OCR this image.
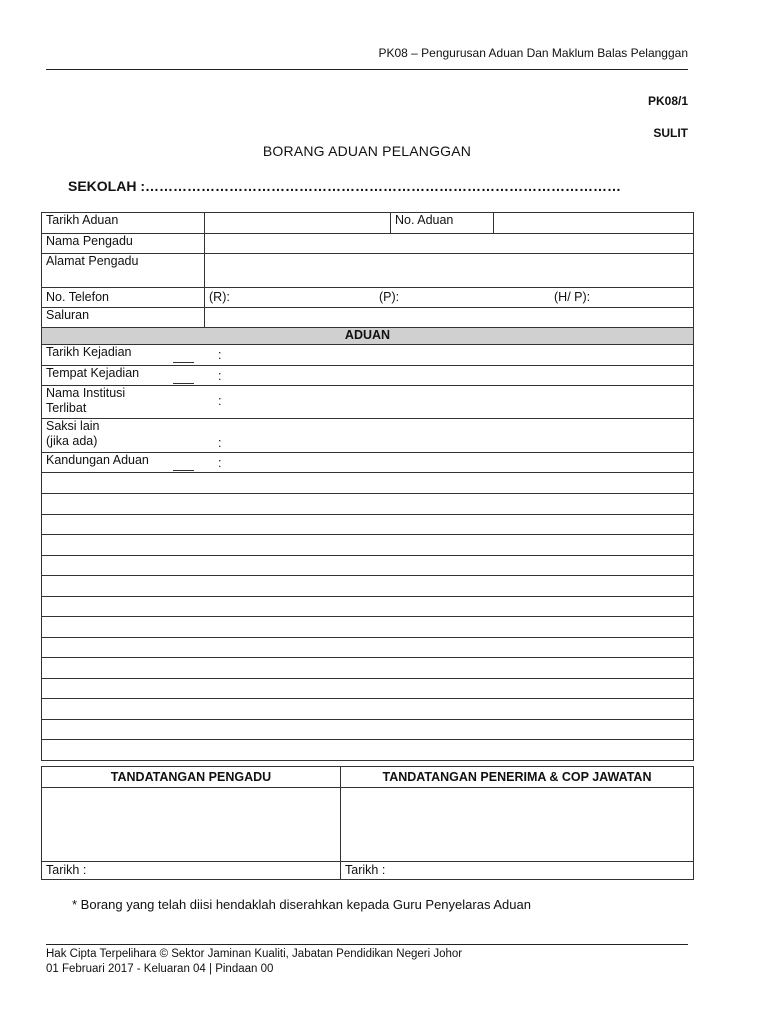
PK08 – Pengurusan Aduan Dan Maklum Balas Pelanggan
PK08/1
SULIT
BORANG ADUAN PELANGGAN
SEKOLAH :…………………………………………………………………………………………
Tarikh Aduan		No. Aduan	
Nama Pengadu			
Alamat Pengadu			
No. Telefon	(R): (P): (H/ P):		

Saluran			
ADUAN			
Tarikh Kejadian :			

Tempat Kejadian :			

Nama Institusi
Terlibat :			

Saksi lain
(jika ada) :			

Kandungan Aduan :			

TANDATANGAN PENGADU	TANDATANGAN PENERIMA & COP JAWATAN

Tarikh :	Tarikh :
* Borang yang telah diisi hendaklah diserahkan kepada Guru Penyelaras Aduan
Hak Cipta Terpelihara © Sektor Jaminan Kualiti, Jabatan Pendidikan Negeri Johor
01 Februari 2017 - Keluaran 04 | Pindaan 00
